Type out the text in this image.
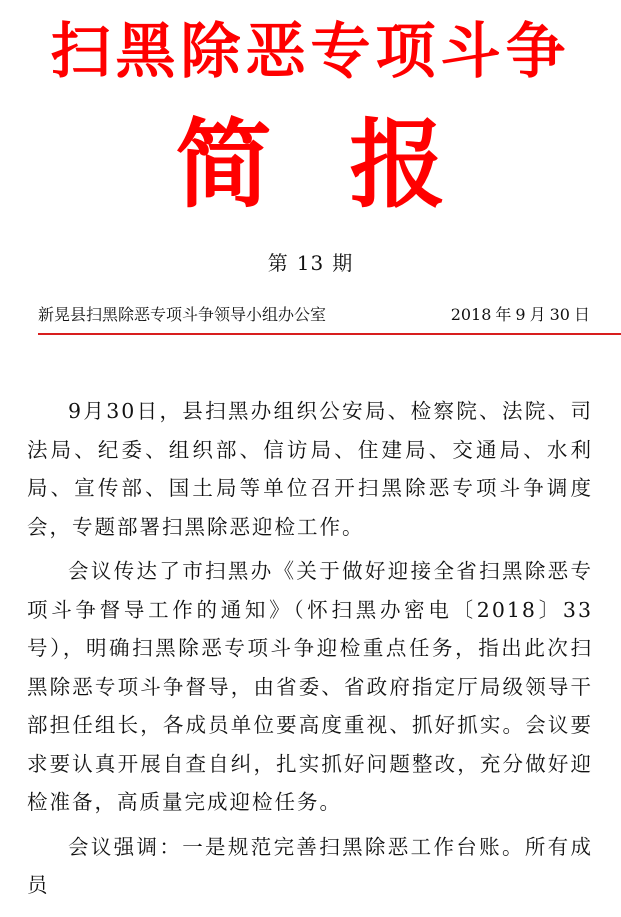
扫黑除恶专项斗争
简 报
第 13 期
新晃县扫黑除恶专项斗争领导小组办公室	2018 年 9 月 30 日

9月30日，县扫黑办组织公安局、检察院、法院、司法局、纪委、组织部、信访局、住建局、交通局、水利局、宣传部、国土局等单位召开扫黑除恶专项斗争调度会，专题部署扫黑除恶迎检工作。

会议传达了市扫黑办《关于做好迎接全省扫黑除恶专项斗争督导工作的通知》（怀扫黑办密电〔2018〕33号），明确扫黑除恶专项斗争迎检重点任务，指出此次扫黑除恶专项斗争督导，由省委、省政府指定厅局级领导干部担任组长，各成员单位要高度重视、抓好抓实。会议要求要认真开展自查自纠，扎实抓好问题整改，充分做好迎检准备，高质量完成迎检任务。

会议强调：一是规范完善扫黑除恶工作台账。所有成员
